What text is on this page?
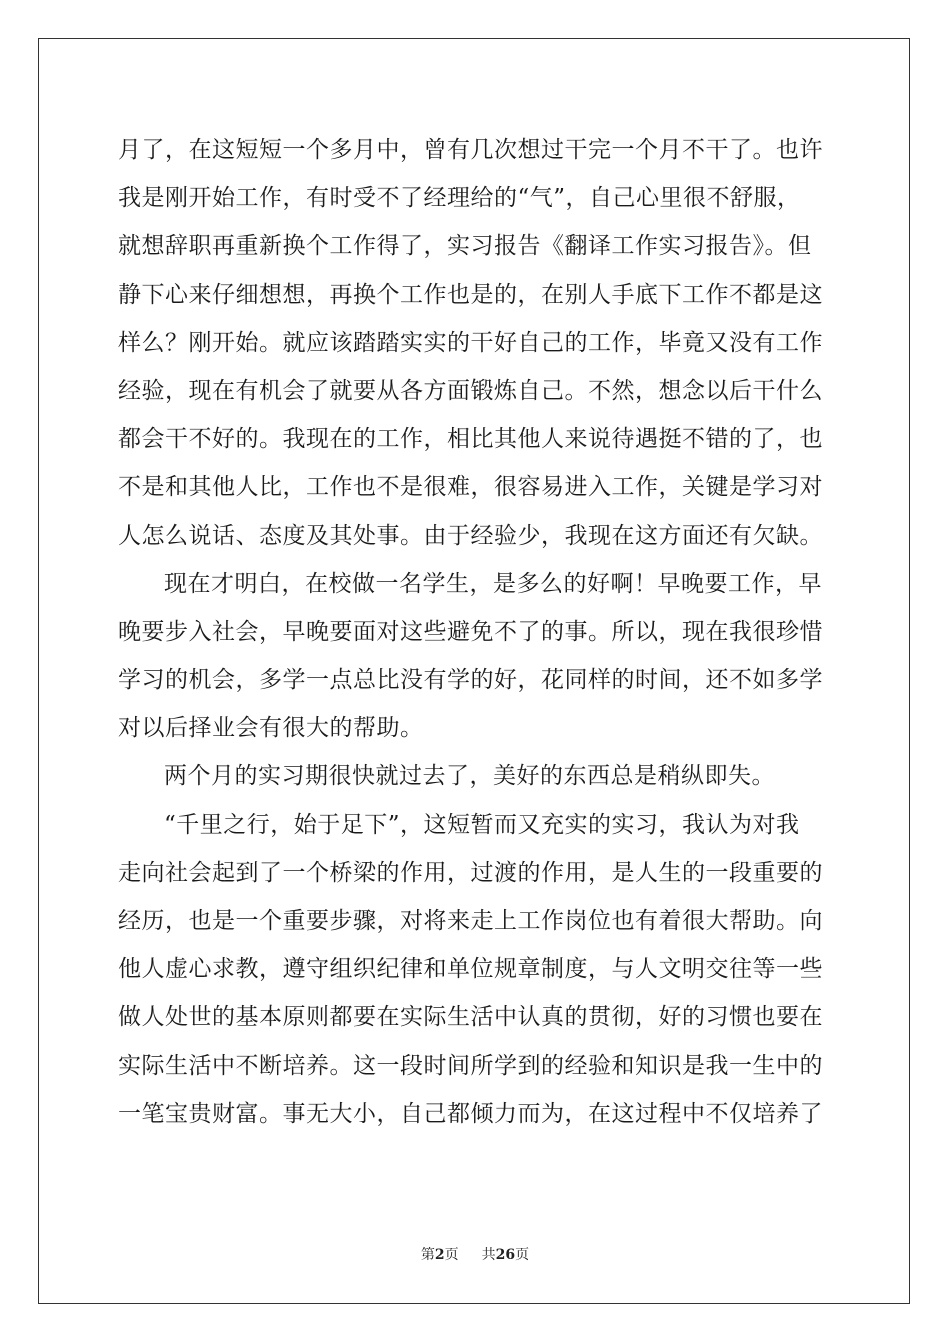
月了，在这短短一个多月中，曾有几次想过干完一个月不干了。也许
我是刚开始工作，有时受不了经理给的“气”，自己心里很不舒服，
就想辞职再重新换个工作得了，实习报告《翻译工作实习报告》。但
静下心来仔细想想，再换个工作也是的，在别人手底下工作不都是这
样么？刚开始。就应该踏踏实实的干好自己的工作，毕竟又没有工作
经验，现在有机会了就要从各方面锻炼自己。不然，想念以后干什么
都会干不好的。我现在的工作，相比其他人来说待遇挺不错的了，也
不是和其他人比，工作也不是很难，很容易进入工作，关键是学习对
人怎么说话、态度及其处事。由于经验少，我现在这方面还有欠缺。
现在才明白，在校做一名学生，是多么的好啊！早晚要工作，早
晚要步入社会，早晚要面对这些避免不了的事。所以，现在我很珍惜
学习的机会，多学一点总比没有学的好，花同样的时间，还不如多学
对以后择业会有很大的帮助。
两个月的实习期很快就过去了，美好的东西总是稍纵即失。
“千里之行，始于足下”，这短暂而又充实的实习，我认为对我
走向社会起到了一个桥梁的作用，过渡的作用，是人生的一段重要的
经历，也是一个重要步骤，对将来走上工作岗位也有着很大帮助。向
他人虚心求教，遵守组织纪律和单位规章制度，与人文明交往等一些
做人处世的基本原则都要在实际生活中认真的贯彻，好的习惯也要在
实际生活中不断培养。这一段时间所学到的经验和知识是我一生中的
一笔宝贵财富。事无大小，自己都倾力而为，在这过程中不仅培养了
第2页 共26页
